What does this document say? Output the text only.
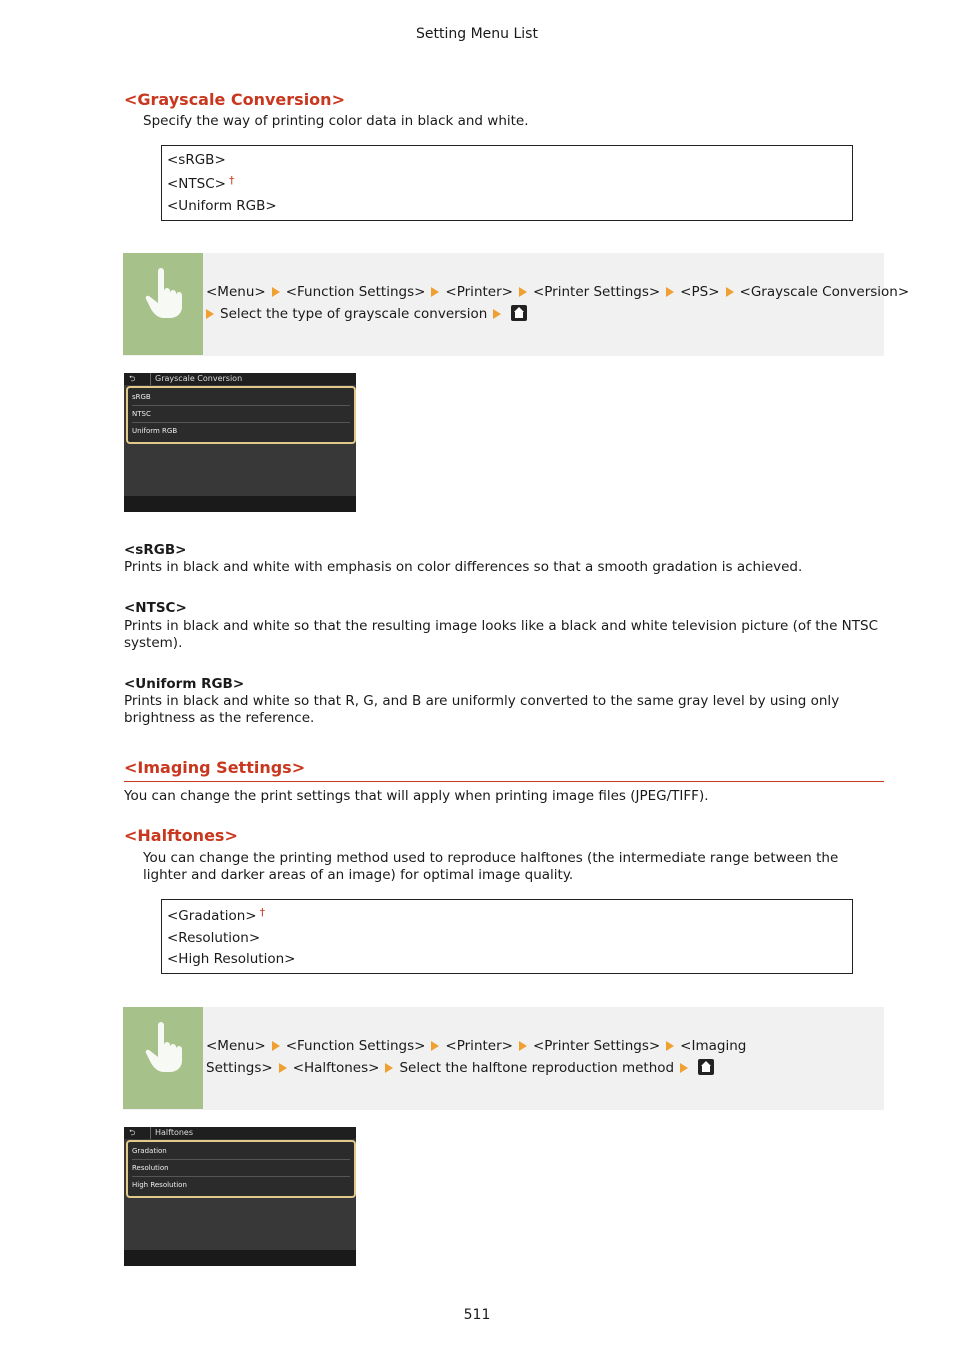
Setting Menu List
<Grayscale Conversion>
Specify the way of printing color data in black and white.
<sRGB>
<NTSC> †
<Uniform RGB>
<Menu> <Function Settings> <Printer> <Printer Settings> <PS> <Grayscale Conversion>
Select the type of grayscale conversion
⮌	Grayscale Conversion
sRGB
NTSC
Uniform RGB
<sRGB>
Prints in black and white with emphasis on color differences so that a smooth gradation is achieved.
<NTSC>
Prints in black and white so that the resulting image looks like a black and white television picture (of the NTSC system).
<Uniform RGB>
Prints in black and white so that R, G, and B are uniformly converted to the same gray level by using only brightness as the reference.
<Imaging Settings>
You can change the print settings that will apply when printing image files (JPEG/TIFF).
<Halftones>
You can change the printing method used to reproduce halftones (the intermediate range between the lighter and darker areas of an image) for optimal image quality.
<Gradation> †
<Resolution>
<High Resolution>
<Menu> <Function Settings> <Printer> <Printer Settings> <Imaging
Settings> <Halftones> Select the halftone reproduction method
⮌	Halftones
Gradation
Resolution
High Resolution
511
